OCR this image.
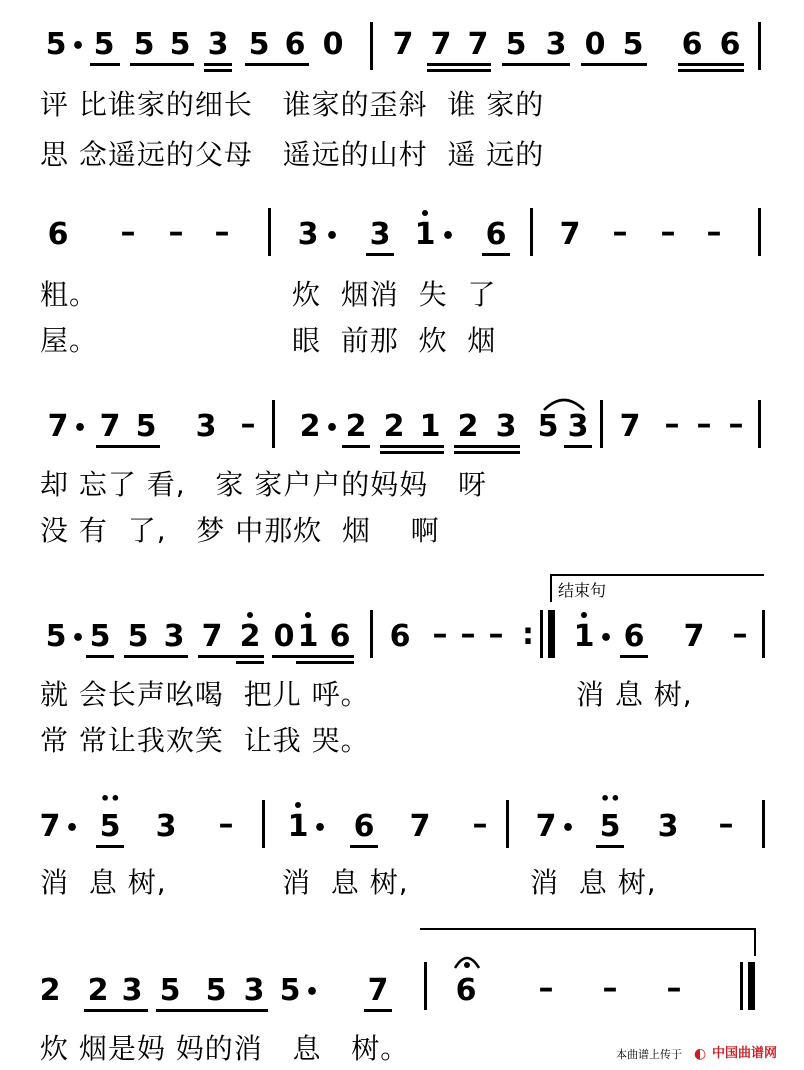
5 • 5 5 5 3 5 6 0 7 7 7 5 3 0 5 6 6
评 比谁家的细长   谁家的歪斜  谁 家的
思 念遥远的父母   遥远的山村  遥 远的
6 – – – 3 • 3 1 • 6 7 – – –
粗。	炊  烟消  失  了
屋。	眼  前那  炊  烟
7 • 7 5 3 – 2 • 2 2 1 2 3 5 3 7 – – –
却 忘了 看,   家 家户户的妈妈   呀
没 有  了,   梦 中那炊  烟    啊
结束句
5 • 5 5 3 7 2 0 1 6 6 – – – : 1 • 6 7 –
就 会长声吆喝  把儿 呼。	消 息 树,
常 常让我欢笑  让我 哭。
7 • 5
••
3 – 1 • 6 7 – 7 • 5
••
3 –
消  息 树,	消  息 树,	消  息 树,
2 2 3 5 5 3 5 • 7 6 – – –
炊 烟是妈 妈的消   息   树。	本曲谱上传于 ◐ 中国曲谱网
